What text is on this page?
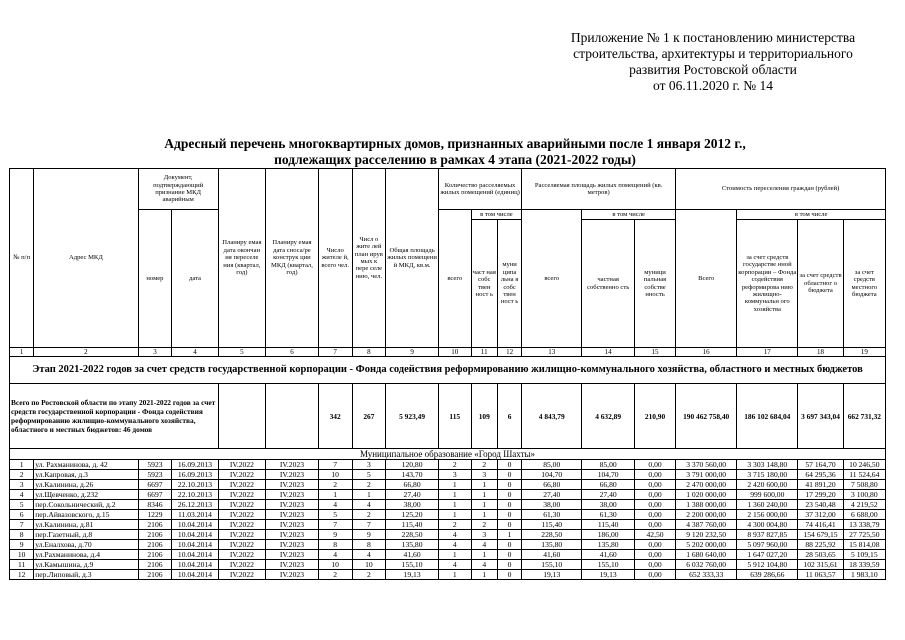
Приложение № 1 к постановлению министерства
строительства, архитектуры и территориального
развития Ростовской области
от 06.11.2020 г. № 14
Адресный перечень многоквартирных домов, признанных аварийными после 1 января 2012 г.,
подлежащих расселению в рамках 4 этапа (2021-2022 годы)
№ п/п	Адрес МКД	Документ, подтверждающий признание МКД аварийным		Планиру емая дата окончан ия переселе ния (квартал, год)	Планиру емая дата сноса/ре конструк ции МКД (квартал, год)	Число жителе й, всего чел.	Числ о жите лей план ирув мых к пере селе нию, чел.	Общая площадь жилых помещени й МКД, кв.м.	Количество расселяемых жилых помещений (единиц)			Расселяемая площадь жилых помещений (кв. метров)			Стоимость переселения граждан (рублей)			
		номер	дата						всего	в том числе		всего	в том числе		Всего	в том числе		
										част ная собс твен ност ь	муни ципа льна я собс твен ност ь		частная собственно сть	муници пальная собстве нность		за счет средств государстве нной корпорации – Фонда содействия реформирова нию жилищно-коммунальн ого хозяйства	за счет средств областног о бюджета	за счет средств местного бюджета
1	2	3	4	5	6	7	8	9	10	11	12	13	14	15	16	17	18	19
Этап 2021-2022 годов за счет средств государственной корпорации - Фонда содействия реформированию жилищно-коммунального хозяйства, областного и местных бюджетов																		
Всего по Ростовской области по этапу 2021-2022 годов за счет средств государственной корпорации - Фонда содействия реформированию жилищно-коммунального хозяйства, областного и местных бюджетов: 46 домов						342	267	5 923,49	115	109	6	4 843,79	4 632,89	210,90	190 462 758,40	186 102 684,04	3 697 343,04	662 731,32
Муниципальное образование «Город Шахты»																		
1	ул. Рахманинова, д. 42	5923	16.09.2013	IV.2022	IV.2023	7	3	120,80	2	2	0	85,00	85,00	0,00	3 370 560,00	3 303 148,80	57 164,70	10 246,50
2	ул.Капровая, д.3	5923	16.09.2013	IV.2022	IV.2023	10	5	143,70	3	3	0	104,70	104,70	0,00	3 791 000,00	3 715 180,00	64 295,36	11 524,64
3	ул.Калинина, д.26	6697	22.10.2013	IV.2022	IV.2023	2	2	66,80	1	1	0	66,80	66,80	0,00	2 470 000,00	2 420 600,00	41 891,20	7 508,80
4	ул.Щевченко, д.232	6697	22.10.2013	IV.2022	IV.2023	1	1	27,40	1	1	0	27,40	27,40	0,00	1 020 000,00	999 600,00	17 299,20	3 100,80
5	пер.Сокольнический, д.2	8346	26.12.2013	IV.2022	IV.2023	4	4	38,00	1	1	0	38,00	38,00	0,00	1 388 000,00	1 360 240,00	23 540,48	4 219,52
6	пер.Айвазовского, д.15	1229	11.03.2014	IV.2022	IV.2023	5	2	125,20	1	1	0	61,30	61,30	0,00	2 200 000,00	2 156 000,00	37 312,00	6 688,00
7	ул.Калинина, д.81	2106	10.04.2014	IV.2022	IV.2023	7	7	115,40	2	2	0	115,40	115,40	0,00	4 387 760,00	4 300 004,80	74 416,41	13 338,79
8	пер.Газетный, д.8	2106	10.04.2014	IV.2022	IV.2023	9	9	228,50	4	3	1	228,50	186,00	42,50	9 120 232,50	8 937 827,85	154 679,15	27 725,50
9	ул.Еналхова, д.70	2106	10.04.2014	IV.2022	IV.2023	8	8	135,80	4	4	0	135,80	135,80	0,00	5 202 000,00	5 097 960,00	88 225,92	15 814,08
10	ул.Рахманинова, д.4	2106	10.04.2014	IV.2022	IV.2023	4	4	41,60	1	1	0	41,60	41,60	0,00	1 680 640,00	1 647 027,20	28 503,65	5 109,15
11	ул.Камышина, д.9	2106	10.04.2014	IV.2022	IV.2023	10	10	155,10	4	4	0	155,10	155,10	0,00	6 032 760,00	5 912 104,80	102 315,61	18 339,59
12	пер.Липовый, д.3	2106	10.04.2014	IV.2022	IV.2023	2	2	19,13	1	1	0	19,13	19,13	0,00	652 333,33	639 286,66	11 063,57	1 983,10
